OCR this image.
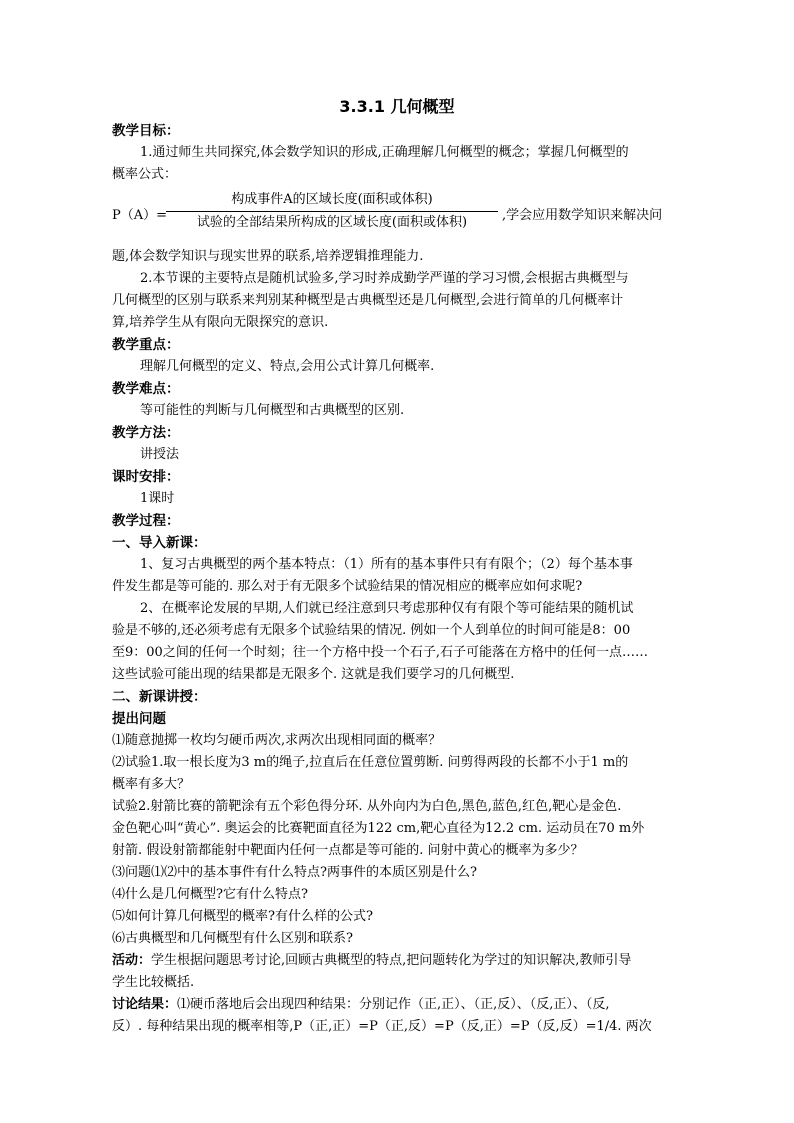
3.3.1 几何概型
教学目标：
1.通过师生共同探究,体会数学知识的形成,正确理解几何概型的概念；掌握几何概型的
概率公式：
P（A）=
构成事件A的区域长度(面积或体积)
试验的全部结果所构成的区域长度(面积或体积)	,学会应用数学知识来解决问
题,体会数学知识与现实世界的联系,培养逻辑推理能力.
2.本节课的主要特点是随机试验多,学习时养成勤学严谨的学习习惯,会根据古典概型与
几何概型的区别与联系来判别某种概型是古典概型还是几何概型,会进行简单的几何概率计
算,培养学生从有限向无限探究的意识.
教学重点：
理解几何概型的定义、特点,会用公式计算几何概率.
教学难点：
等可能性的判断与几何概型和古典概型的区别.
教学方法：
讲授法
课时安排：
1课时
教学过程：
一、导入新课：
1、复习古典概型的两个基本特点：（1）所有的基本事件只有有限个；（2）每个基本事
件发生都是等可能的. 那么对于有无限多个试验结果的情况相应的概率应如何求呢?
2、在概率论发展的早期,人们就已经注意到只考虑那种仅有有限个等可能结果的随机试
验是不够的,还必须考虑有无限多个试验结果的情况. 例如一个人到单位的时间可能是8：00
至9：00之间的任何一个时刻；往一个方格中投一个石子,石子可能落在方格中的任何一点……
这些试验可能出现的结果都是无限多个. 这就是我们要学习的几何概型.
二、新课讲授：
提出问题
⑴随意抛掷一枚均匀硬币两次,求两次出现相同面的概率？
⑵试验1.取一根长度为3 m的绳子,拉直后在任意位置剪断. 问剪得两段的长都不小于1 m的
概率有多大？
试验2.射箭比赛的箭靶涂有五个彩色得分环. 从外向内为白色,黑色,蓝色,红色,靶心是金色.
金色靶心叫“黄心”. 奥运会的比赛靶面直径为122 cm,靶心直径为12.2 cm. 运动员在70 m外
射箭. 假设射箭都能射中靶面内任何一点都是等可能的. 问射中黄心的概率为多少？
⑶问题⑴⑵中的基本事件有什么特点?两事件的本质区别是什么?
⑷什么是几何概型?它有什么特点?
⑸如何计算几何概型的概率?有什么样的公式?
⑹古典概型和几何概型有什么区别和联系?
活动：学生根据问题思考讨论,回顾古典概型的特点,把问题转化为学过的知识解决,教师引导
学生比较概括.
讨论结果：⑴硬币落地后会出现四种结果：分别记作（正,正）、（正,反）、（反,正）、（反,
反）. 每种结果出现的概率相等,P（正,正）=P（正,反）=P（反,正）=P（反,反）=1/4. 两次
